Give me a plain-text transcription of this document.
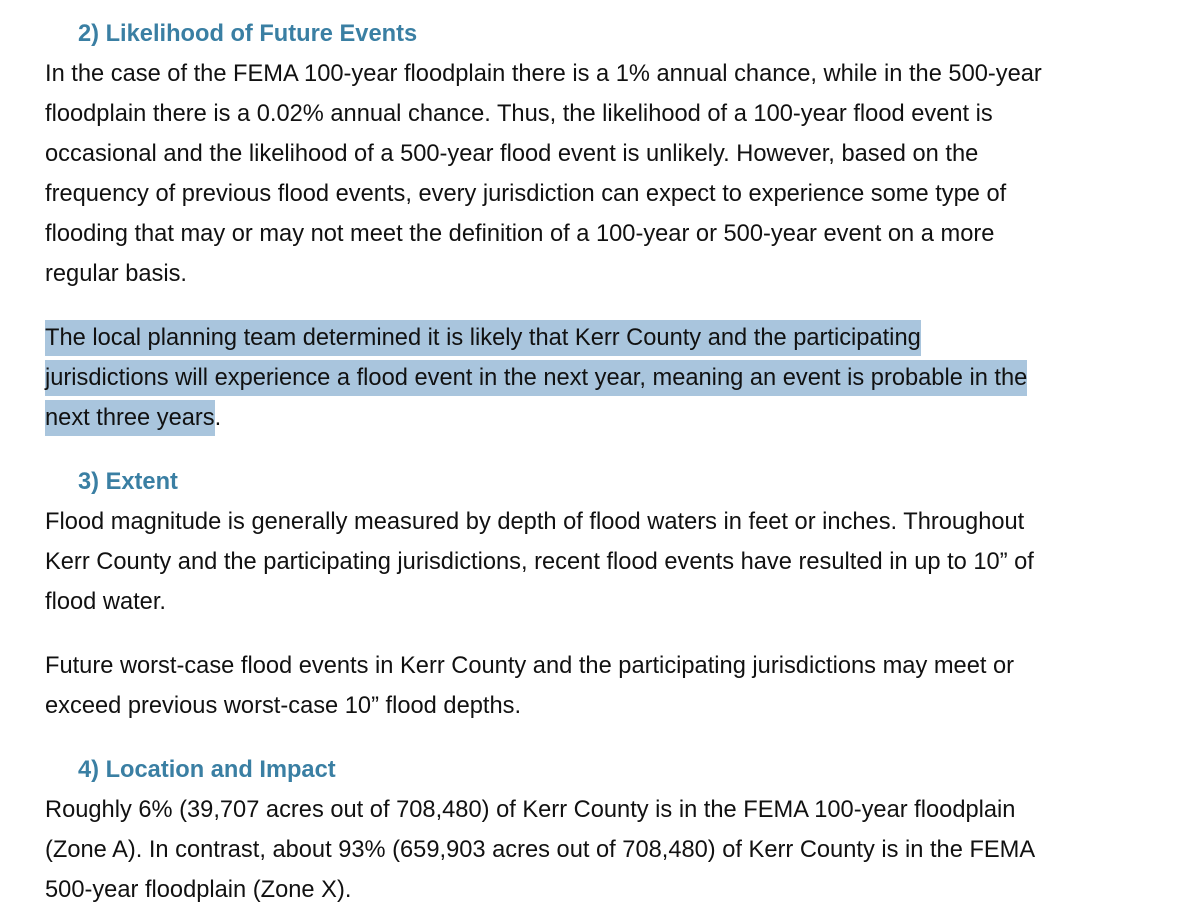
2) Likelihood of Future Events
In the case of the FEMA 100-year floodplain there is a 1% annual chance, while in the 500-year
floodplain there is a 0.02% annual chance. Thus, the likelihood of a 100-year flood event is
occasional and the likelihood of a 500-year flood event is unlikely. However, based on the
frequency of previous flood events, every jurisdiction can expect to experience some type of
flooding that may or may not meet the definition of a 100-year or 500-year event on a more
regular basis.
The local planning team determined it is likely that Kerr County and the participating
jurisdictions will experience a flood event in the next year, meaning an event is probable in the
next three years.
3) Extent
Flood magnitude is generally measured by depth of flood waters in feet or inches. Throughout
Kerr County and the participating jurisdictions, recent flood events have resulted in up to 10” of
flood water.
Future worst-case flood events in Kerr County and the participating jurisdictions may meet or
exceed previous worst-case 10” flood depths.
4) Location and Impact
Roughly 6% (39,707 acres out of 708,480) of Kerr County is in the FEMA 100-year floodplain
(Zone A). In contrast, about 93% (659,903 acres out of 708,480) of Kerr County is in the FEMA
500-year floodplain (Zone X).
